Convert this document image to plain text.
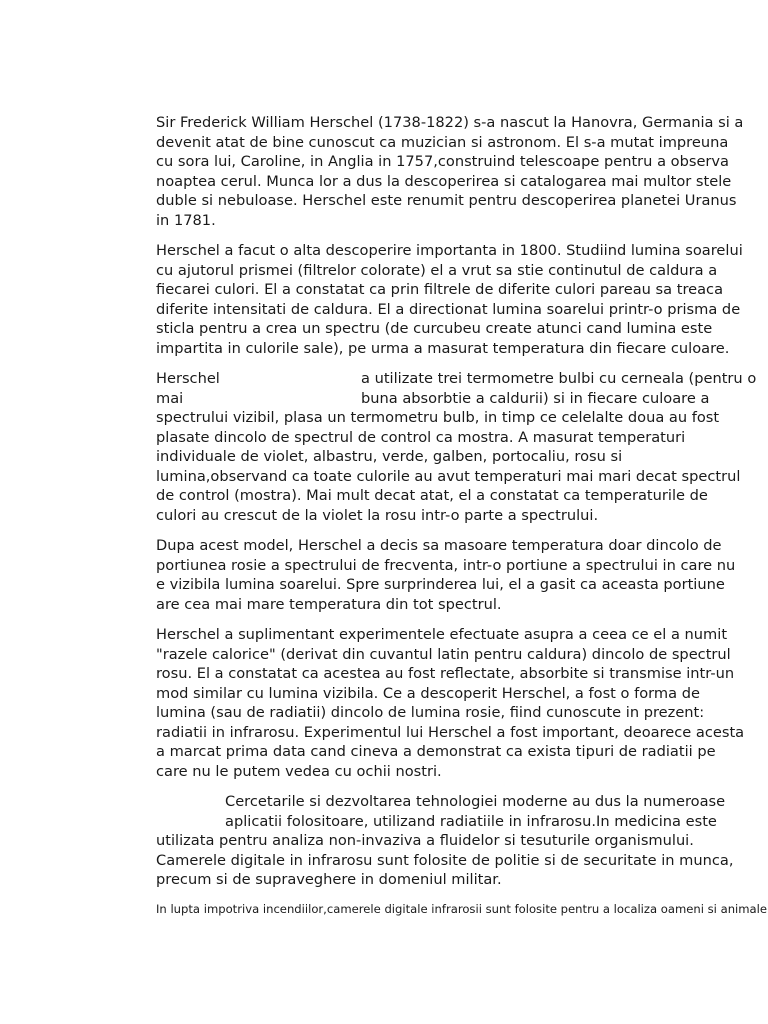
Sir Frederick William Herschel (1738-1822) s-a nascut la Hanovra, Germania si a
devenit atat de bine cunoscut ca muzician si astronom. El s-a mutat impreuna
cu sora lui, Caroline, in Anglia in 1757,construind telescoape pentru a observa
noaptea cerul. Munca lor a dus la descoperirea si catalogarea mai multor stele
duble si nebuloase. Herschel este renumit pentru descoperirea planetei Uranus
in 1781.
Herschel a facut o alta descoperire importanta in 1800. Studiind lumina soarelui
cu ajutorul prismei (filtrelor colorate) el a vrut sa stie continutul de caldura a
fiecarei culori. El a constatat ca prin filtrele de diferite culori pareau sa treaca
diferite intensitati de caldura. El a directionat lumina soarelui printr-o prisma de
sticla pentru a crea un spectru (de curcubeu create atunci cand lumina este
impartita in culorile sale), pe urma a masurat temperatura din fiecare culoare.
Herschel	a utilizate trei termometre bulbi cu cerneala (pentru o
mai	buna absorbtie a caldurii) si in fiecare culoare a
spectrului vizibil, plasa un termometru bulb, in timp ce celelalte doua au fost
plasate dincolo de spectrul de control ca mostra. A masurat temperaturi
individuale de violet, albastru, verde, galben, portocaliu, rosu si
lumina,observand ca toate culorile au avut temperaturi mai mari decat spectrul
de control (mostra). Mai mult decat atat, el a constatat ca temperaturile de
culori au crescut de la violet la rosu intr-o parte a spectrului.
Dupa acest model, Herschel a decis sa masoare temperatura doar dincolo de
portiunea rosie a spectrului de frecventa, intr-o portiune a spectrului in care nu
e vizibila lumina soarelui. Spre surprinderea lui, el a gasit ca aceasta portiune
are cea mai mare temperatura din tot spectrul.
Herschel a suplimentant experimentele efectuate asupra a ceea ce el a numit
"razele calorice" (derivat din cuvantul latin pentru caldura) dincolo de spectrul
rosu. El a constatat ca acestea au fost reflectate, absorbite si transmise intr-un
mod similar cu lumina vizibila. Ce a descoperit Herschel, a fost o forma de
lumina (sau de radiatii) dincolo de lumina rosie, fiind cunoscute in prezent:
radiatii in infrarosu. Experimentul lui Herschel a fost important, deoarece acesta
a marcat prima data cand cineva a demonstrat ca exista tipuri de radiatii pe
care nu le putem vedea cu ochii nostri.
Cercetarile si dezvoltarea tehnologiei moderne au dus la numeroase
aplicatii folositoare, utilizand radiatiile in infrarosu.In medicina este
utilizata pentru analiza non-invaziva a fluidelor si tesuturile organismului.
Camerele digitale in infrarosu sunt folosite de politie si de securitate in munca,
precum si de supraveghere in domeniul militar.
In lupta impotriva incendiilor,camerele digitale infrarosii sunt folosite pentru a localiza oameni si animale
